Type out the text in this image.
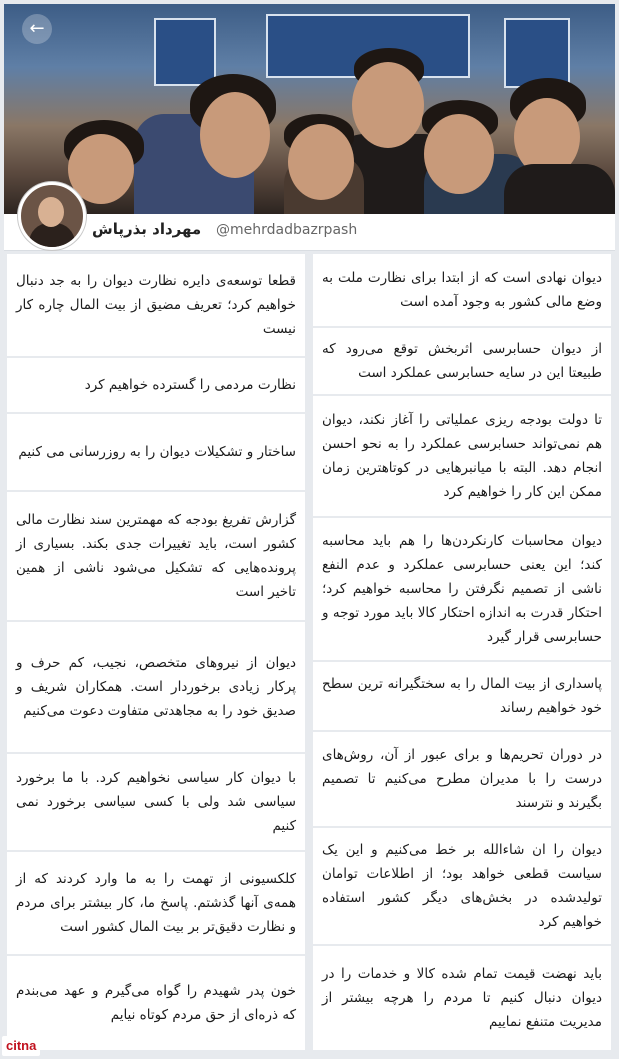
←
مهرداد بذرپاش @mehrdadbazrpash
دیوان نهادی است که از ابتدا برای نظارت ملت به وضع مالی کشور به وجود آمده است
از دیوان حسابرسی اثربخش توقع می‌رود که طبیعتا این در سایه حسابرسی عملکرد است
تا دولت بودجه ریزی عملیاتی را آغاز نکند، دیوان هم نمی‌تواند حسابرسی عملکرد را به نحو احسن انجام دهد. البته با میانبرهایی در کوتاهترین زمان ممکن این کار را خواهیم کرد
دیوان محاسبات کارنکردن‌ها را هم باید محاسبه کند؛ این یعنی حسابرسی عملکرد و عدم النفع ناشی از تصمیم نگرفتن را محاسبه خواهیم کرد؛ احتکار قدرت به اندازه احتکار کالا باید مورد توجه و حسابرسی قرار گیرد
پاسداری از بیت المال را به سختگیرانه ترین سطح خود خواهیم رساند
در دوران تحریم‌ها و برای عبور از آن، روش‌های درست را با مدیران مطرح می‌کنیم تا تصمیم بگیرند و نترسند
دیوان را ان شاءالله بر خط می‌کنیم و این یک سیاست قطعی خواهد بود؛ از اطلاعات توامان تولیدشده در بخش‌های دیگر کشور استفاده خواهیم کرد
باید نهضت قیمت تمام شده کالا و خدمات را در دیوان دنبال کنیم تا مردم را هرچه بیشتر از مدیریت متنفع نماییم
قطعا توسعه‌ی دایره نظارت دیوان را به جد دنبال خواهیم کرد؛ تعریف مضیق از بیت المال چاره کار نیست
نظارت مردمی را گسترده خواهیم کرد
ساختار و تشکیلات دیوان را به روزرسانی می کنیم
گزارش تفریغ بودجه که مهمترین سند نظارت مالی کشور است، باید تغییرات جدی بکند. بسیاری از پرونده‌هایی که تشکیل می‌شود ناشی از همین تاخیر است
دیوان از نیروهای متخصص، نجیب، کم حرف و پرکار زیادی برخوردار است. همکاران شریف و صدیق خود را به مجاهدتی متفاوت دعوت می‌کنیم
با دیوان کار سیاسی نخواهیم کرد. با ما برخورد سیاسی شد ولی با کسی سیاسی برخورد نمی کنیم
کلکسیونی از تهمت را به ما وارد کردند که از همه‌ی آنها گذشتم. پاسخ ما، کار بیشتر برای مردم و نظارت دقیق‌تر بر بیت المال کشور است
خون پدر شهیدم را گواه می‌گیرم و عهد می‌بندم که ذره‌ای از حق مردم کوتاه نیایم
citna
